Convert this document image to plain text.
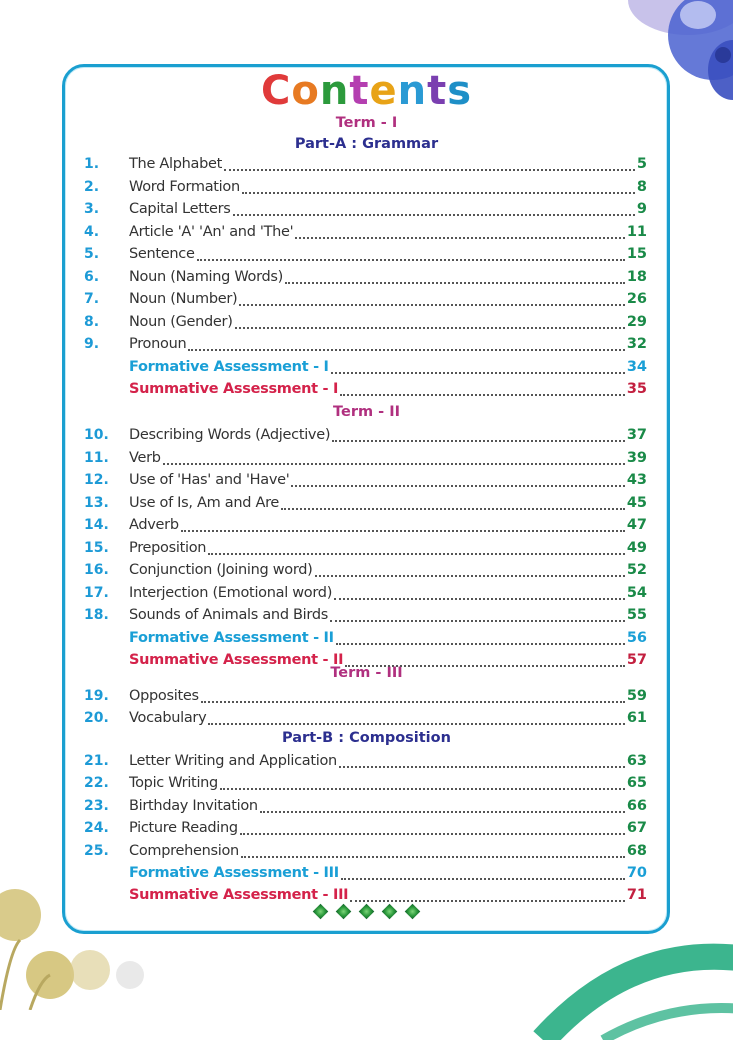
Contents
Term - I
Part-A : Grammar
Term - II
Term - III
Part-B : Composition
1.	The Alphabet	5
2.	Word Formation	8
3.	Capital Letters	9
4.	Article 'A' 'An' and 'The'	11
5.	Sentence	15
6.	Noun (Naming Words)	18
7.	Noun (Number)	26
8.	Noun (Gender)	29
9.	Pronoun	32
Formative Assessment - I	34
Summative Assessment - I	35
10.	Describing Words (Adjective)	37
11.	Verb	39
12.	Use of 'Has' and 'Have'	43
13.	Use of Is, Am and Are	45
14.	Adverb	47
15.	Preposition	49
16.	Conjunction (Joining word)	52
17.	Interjection (Emotional word)	54
18.	Sounds of Animals and Birds	55
Formative Assessment - II	56
Summative Assessment - II	57
19.	Opposites	59
20.	Vocabulary	61
21.	Letter Writing and Application	63
22.	Topic Writing	65
23.	Birthday Invitation	66
24.	Picture Reading	67
25.	Comprehension	68
Formative Assessment - III	70
Summative Assessment - III	71
